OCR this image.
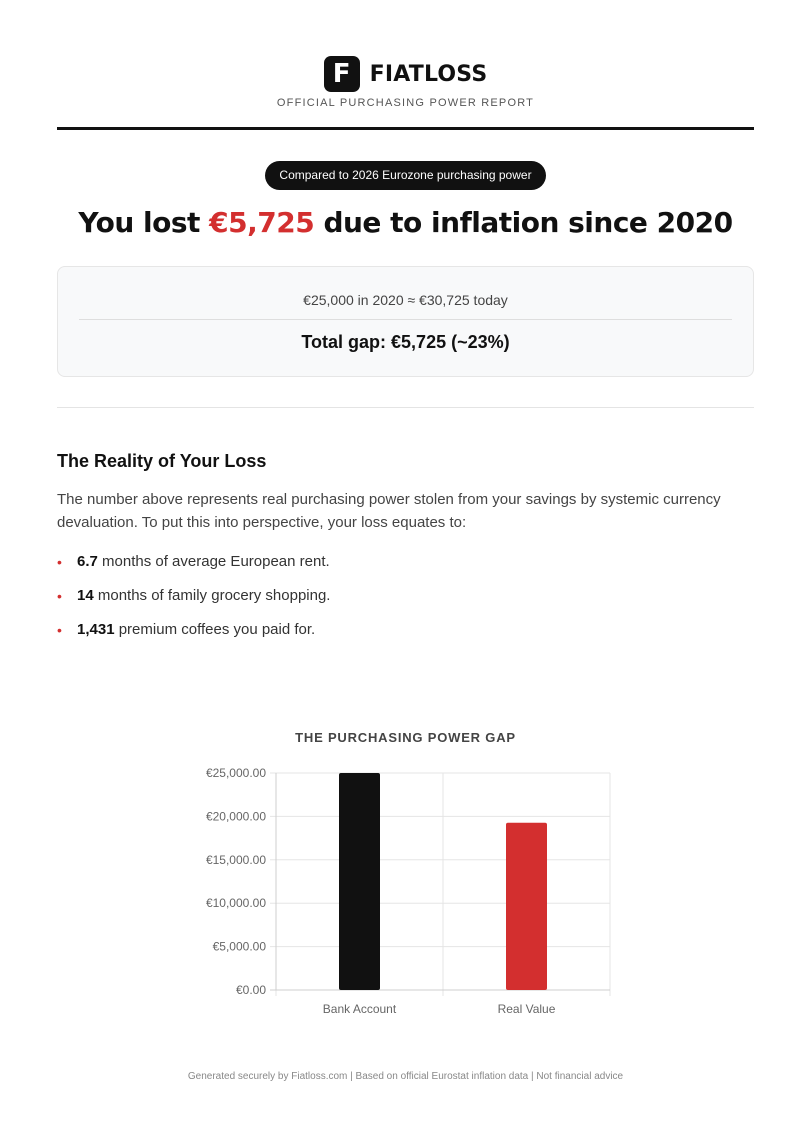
F FIATLOSS
OFFICIAL PURCHASING POWER REPORT
Compared to 2026 Eurozone purchasing power
You lost €5,725 due to inflation since 2020
€25,000 in 2020 ≈ €30,725 today
Total gap: €5,725 (~23%)
The Reality of Your Loss

The number above represents real purchasing power stolen from your savings by systemic currency devaluation. To put this into perspective, your loss equates to:

• 6.7 months of average European rent.
• 14 months of family grocery shopping.
• 1,431 premium coffees you paid for.
THE PURCHASING POWER GAP
€0.00
€5,000.00
€10,000.00
€15,000.00
€20,000.00
€25,000.00
Bank Account	Real Value
Generated securely by Fiatloss.com | Based on official Eurostat inflation data | Not financial advice
